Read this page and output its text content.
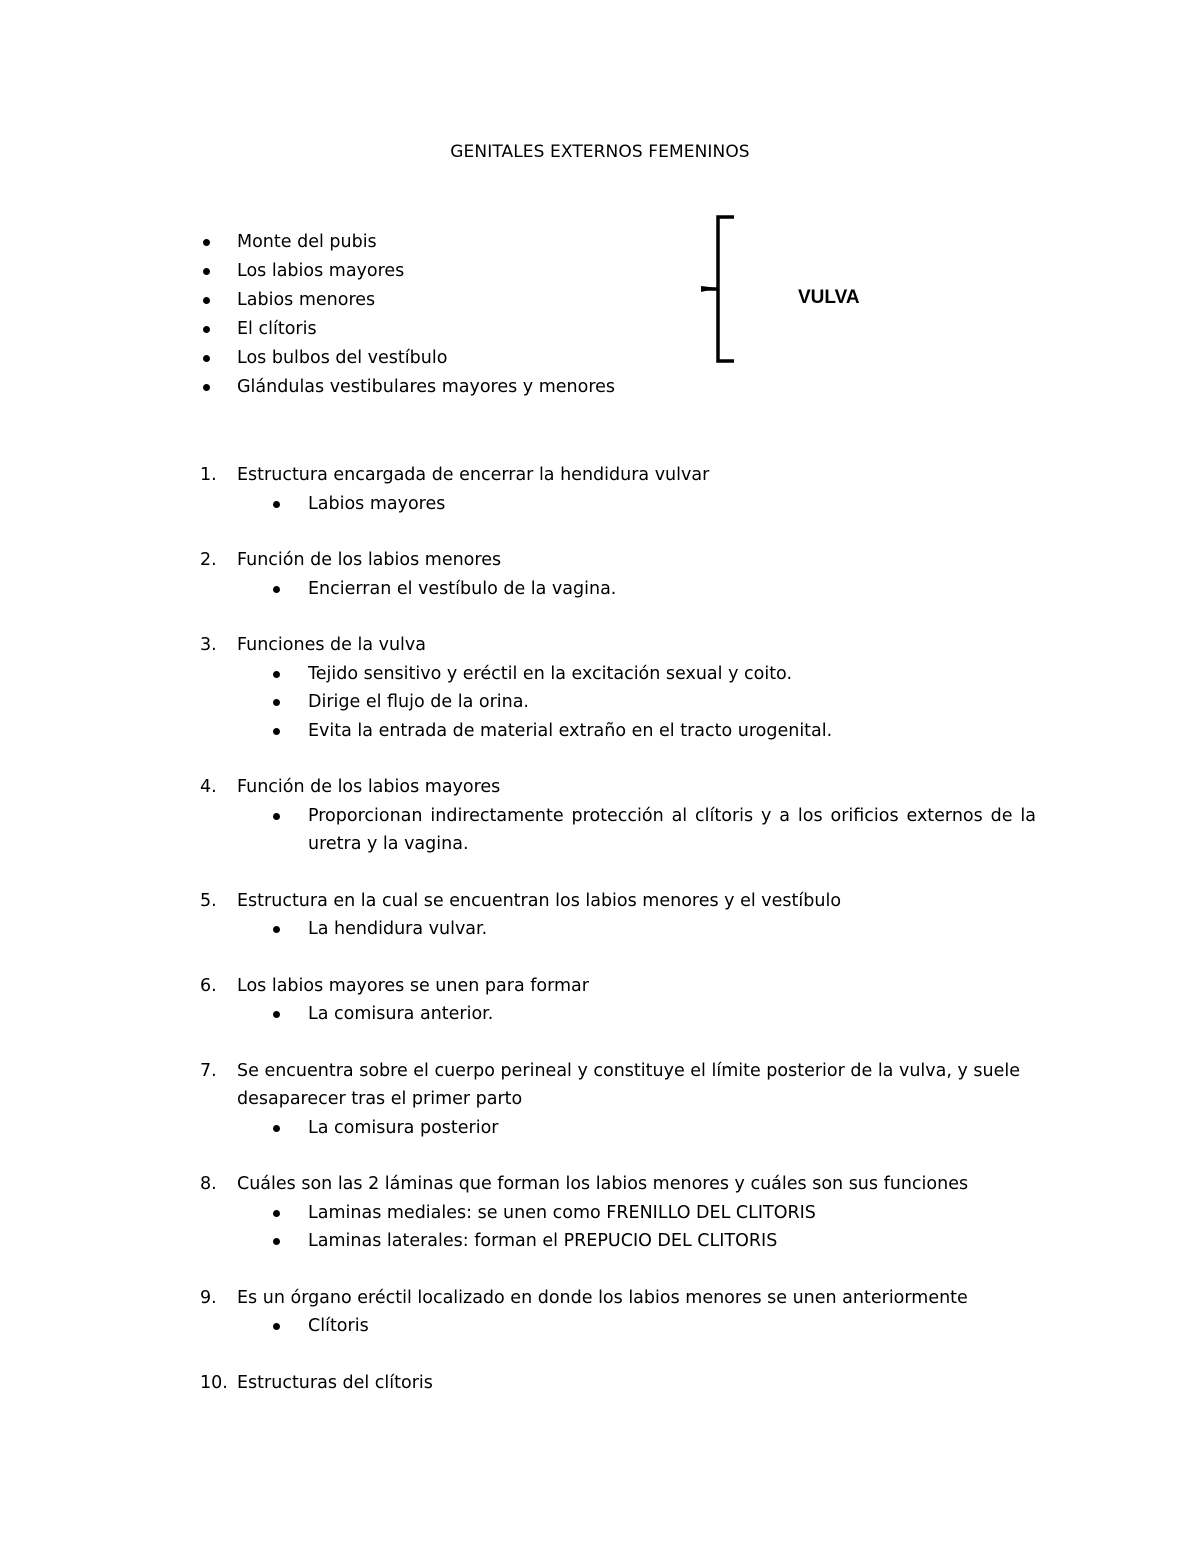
GENITALES EXTERNOS FEMENINOS
Monte del pubis
Los labios mayores
Labios menores
El clítoris
Los bulbos del vestíbulo
Glándulas vestibulares mayores y menores
VULVA
1. Estructura encargada de encerrar la hendidura vulvar
Labios mayores
2. Función de los labios menores
Encierran el vestíbulo de la vagina.
3. Funciones de la vulva
Tejido sensitivo y eréctil en la excitación sexual y coito.
Dirige el flujo de la orina.
Evita la entrada de material extraño en el tracto urogenital.
4. Función de los labios mayores
Proporcionan indirectamente protección al clítoris y a los orificios externos de la uretra y la vagina.
5. Estructura en la cual se encuentran los labios menores y el vestíbulo
La hendidura vulvar.
6. Los labios mayores se unen para formar
La comisura anterior.
7. Se encuentra sobre el cuerpo perineal y constituye el límite posterior de la vulva, y suele desaparecer tras el primer parto
La comisura posterior
8. Cuáles son las 2 láminas que forman los labios menores y cuáles son sus funciones
Laminas mediales: se unen como FRENILLO DEL CLITORIS
Laminas laterales: forman el PREPUCIO DEL CLITORIS
9. Es un órgano eréctil localizado en donde los labios menores se unen anteriormente
Clítoris
10. Estructuras del clítoris
